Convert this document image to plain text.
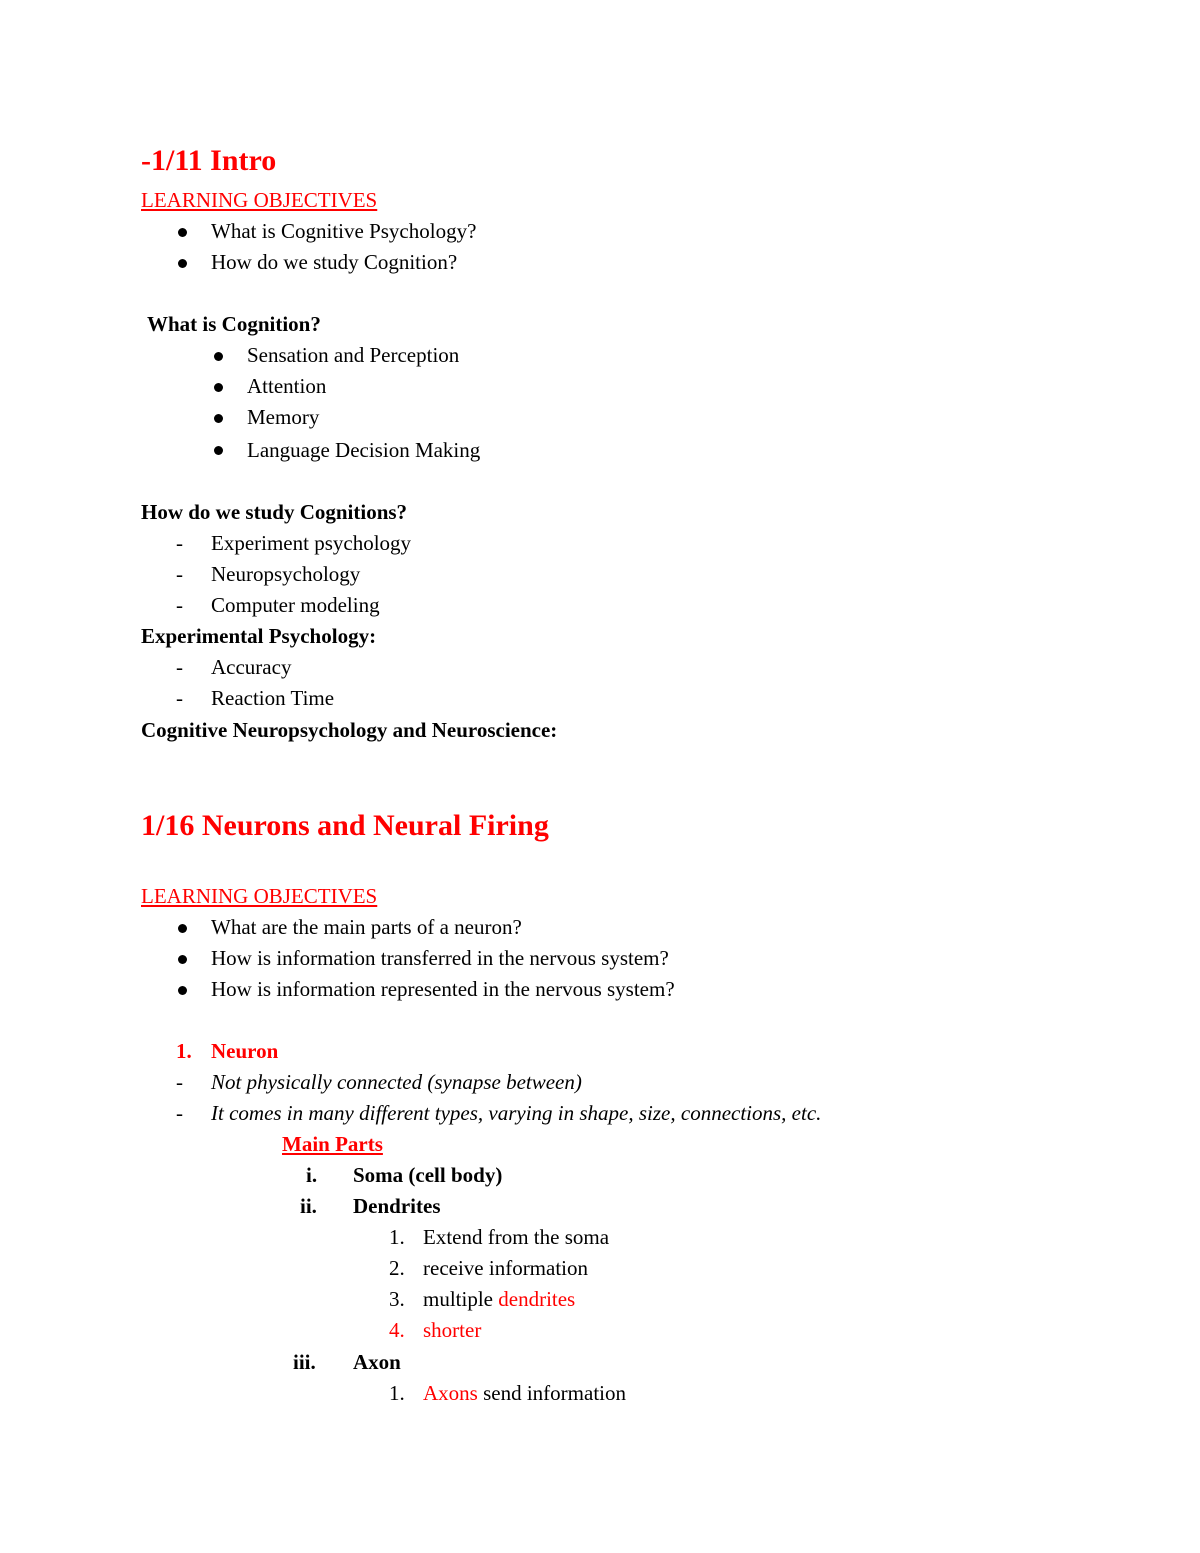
-1/11 Intro
LEARNING OBJECTIVES
What is Cognitive Psychology?
How do we study Cognition?
What is Cognition?
Sensation and Perception
Attention
Memory
Language Decision Making
How do we study Cognitions?
- Experiment psychology
- Neuropsychology
- Computer modeling
Experimental Psychology:
- Accuracy
- Reaction Time
Cognitive Neuropsychology and Neuroscience:
1/16 Neurons and Neural Firing
LEARNING OBJECTIVES
What are the main parts of a neuron?
How is information transferred in the nervous system?
How is information represented in the nervous system?
1. Neuron
- Not physically connected (synapse between)
- It comes in many different types, varying in shape, size, connections, etc.
Main Parts
i. Soma (cell body)
ii. Dendrites
1. Extend from the soma
2. receive information
3. multiple dendrites
4. shorter
iii. Axon
1. Axons send information
